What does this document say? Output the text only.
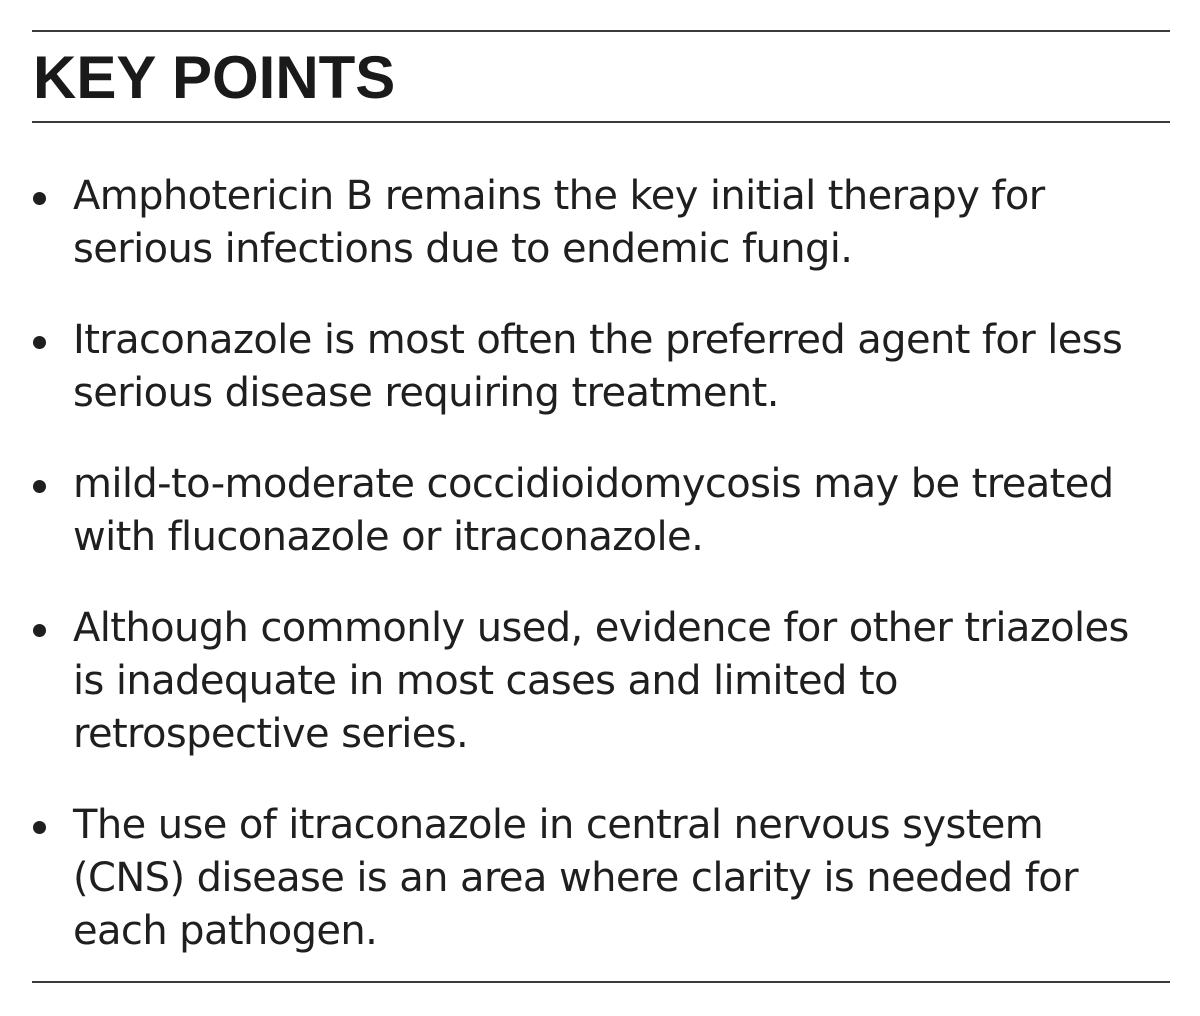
KEY POINTS
Amphotericin B remains the key initial therapy for serious infections due to endemic fungi.
Itraconazole is most often the preferred agent for less serious disease requiring treatment.
mild-to-moderate coccidioidomycosis may be treated with fluconazole or itraconazole.
Although commonly used, evidence for other triazoles is inadequate in most cases and limited to retrospective series.
The use of itraconazole in central nervous system (CNS) disease is an area where clarity is needed for each pathogen.
